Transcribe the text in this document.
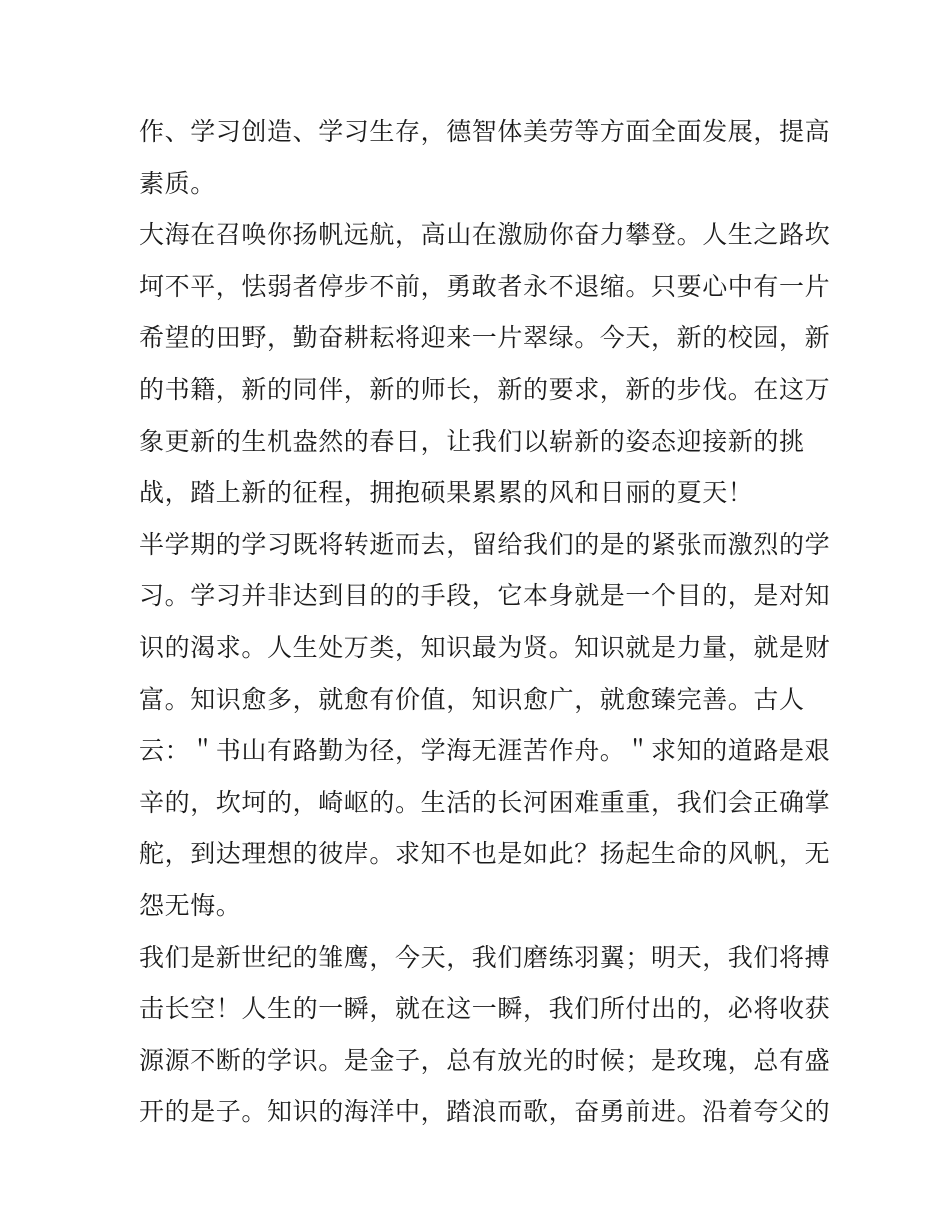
作、学习创造、学习生存，德智体美劳等方面全面发展，提高
素质。
大海在召唤你扬帆远航，高山在激励你奋力攀登。人生之路坎
坷不平，怯弱者停步不前，勇敢者永不退缩。只要心中有一片
希望的田野，勤奋耕耘将迎来一片翠绿。今天，新的校园，新
的书籍，新的同伴，新的师长，新的要求，新的步伐。在这万
象更新的生机盎然的春日，让我们以崭新的姿态迎接新的挑
战，踏上新的征程，拥抱硕果累累的风和日丽的夏天！
半学期的学习既将转逝而去，留给我们的是的紧张而激烈的学
习。学习并非达到目的的手段，它本身就是一个目的，是对知
识的渴求。人生处万类，知识最为贤。知识就是力量，就是财
富。知识愈多，就愈有价值，知识愈广，就愈臻完善。古人
云：＂书山有路勤为径，学海无涯苦作舟。＂求知的道路是艰
辛的，坎坷的，崎岖的。生活的长河困难重重，我们会正确掌
舵，到达理想的彼岸。求知不也是如此？扬起生命的风帆，无
怨无悔。
我们是新世纪的雏鹰，今天，我们磨练羽翼；明天，我们将搏
击长空！人生的一瞬，就在这一瞬，我们所付出的，必将收获
源源不断的学识。是金子，总有放光的时候；是玫瑰，总有盛
开的是子。知识的海洋中，踏浪而歌，奋勇前进。沿着夸父的
